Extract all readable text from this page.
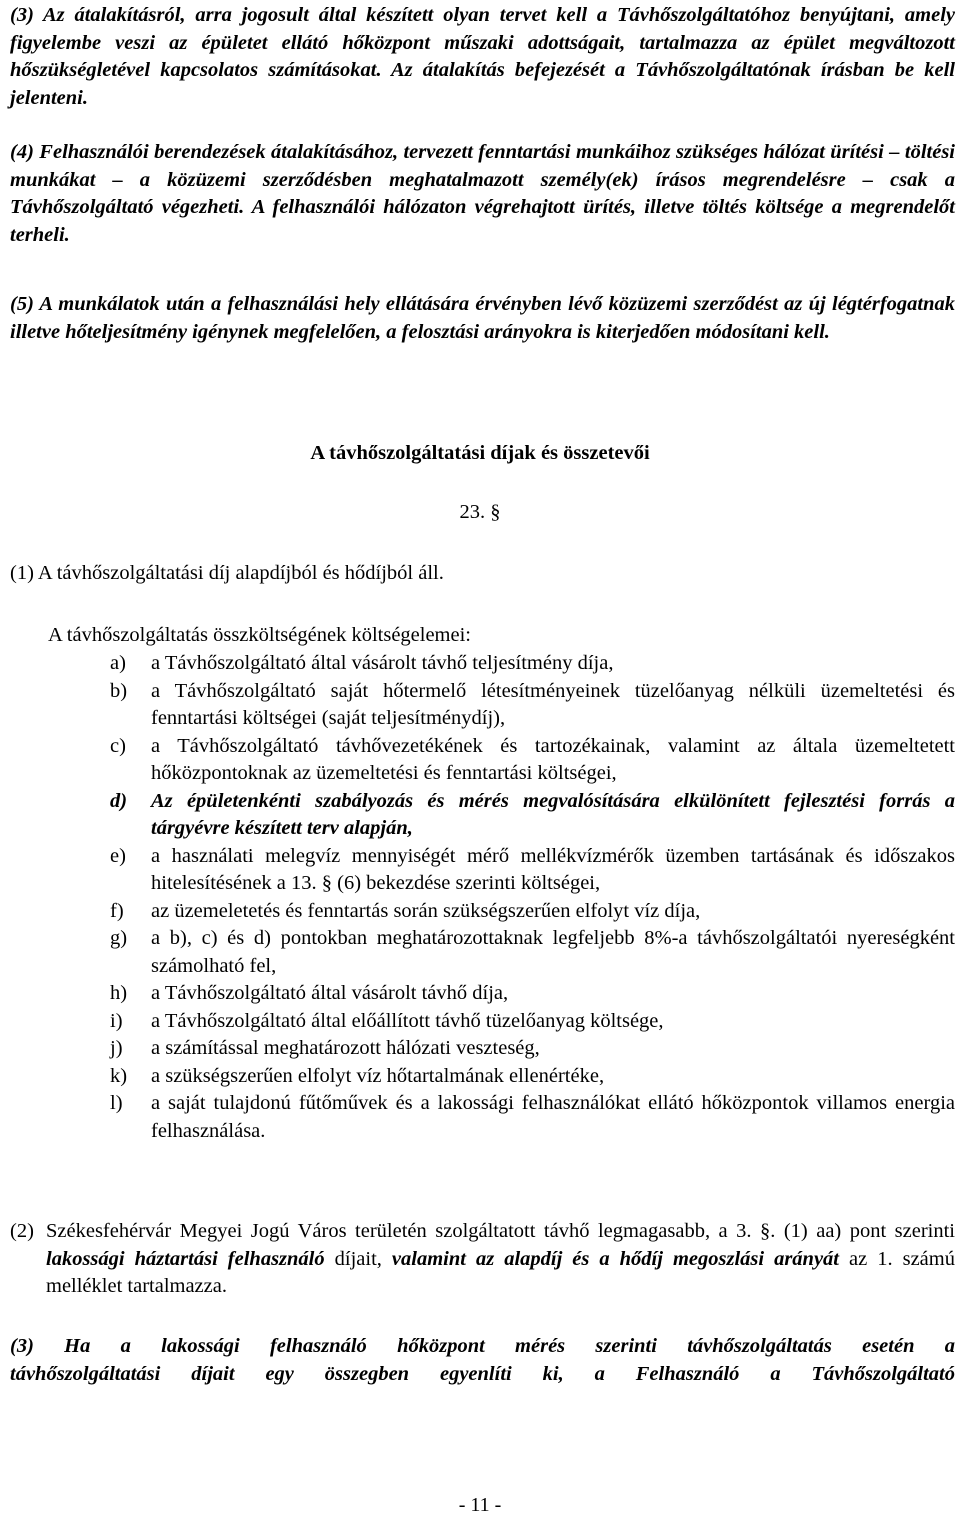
(3) Az átalakításról, arra jogosult által készített olyan tervet kell a Távhőszolgáltatóhoz benyújtani, amely figyelembe veszi az épületet ellátó hőközpont műszaki adottságait, tartalmazza az épület megváltozott hőszükségletével kapcsolatos számításokat. Az átalakítás befejezését a Távhőszolgáltatónak írásban be kell jelenteni.
(4) Felhasználói berendezések átalakításához, tervezett fenntartási munkáihoz szükséges hálózat ürítési – töltési munkákat – a közüzemi szerződésben meghatalmazott személy(ek) írásos megrendelésre – csak a Távhőszolgáltató végezheti. A felhasználói hálózaton végrehajtott ürítés, illetve töltés költsége a megrendelőt terheli.
(5) A munkálatok után a felhasználási hely ellátására érvényben lévő közüzemi szerződést az új légtérfogatnak illetve hőteljesítmény igénynek megfelelően, a felosztási arányokra is kiterjedően módosítani kell.
A távhőszolgáltatási díjak és összetevői
23. §
(1) A távhőszolgáltatási díj alapdíjból és hődíjból áll.
A távhőszolgáltatás összköltségének költségelemei:
a)	a Távhőszolgáltató által vásárolt távhő teljesítmény díja,
b)	a Távhőszolgáltató saját hőtermelő létesítményeinek tüzelőanyag nélküli üzemeltetési és fenntartási költségei (saját teljesítménydíj),
c)	a Távhőszolgáltató távhővezetékének és tartozékainak, valamint az általa üzemeltetett hőközpontoknak az üzemeltetési és fenntartási költségei,
d)	Az épületenkénti szabályozás és mérés megvalósítására elkülönített fejlesztési forrás a tárgyévre készített terv alapján,
e)	a használati melegvíz mennyiségét mérő mellékvízmérők üzemben tartásának és időszakos hitelesítésének a 13. § (6) bekezdése szerinti költségei,
f)	az üzemeletetés és fenntartás során szükségszerűen elfolyt víz díja,
g)	a b), c) és d) pontokban meghatározottaknak legfeljebb 8%-a távhőszolgáltatói nyereségként számolható fel,
h)	a Távhőszolgáltató által vásárolt távhő díja,
i)	a Távhőszolgáltató által előállított távhő tüzelőanyag költsége,
j)	a számítással meghatározott hálózati veszteség,
k)	a szükségszerűen elfolyt víz hőtartalmának ellenértéke,
l)	a saját tulajdonú fűtőművek és a lakossági felhasználókat ellátó hőközpontok villamos energia felhasználása.
(2) Székesfehérvár Megyei Jogú Város területén szolgáltatott távhő legmagasabb, a 3. §. (1) aa) pont szerinti lakossági háztartási felhasználó díjait, valamint az alapdíj és a hődíj megoszlási arányát az 1. számú melléklet tartalmazza.
(3) Ha a lakossági felhasználó hőközpont mérés szerinti távhőszolgáltatás esetén a
távhőszolgáltatási díjait egy összegben egyenlíti ki, a Felhasználó a Távhőszolgáltató
- 11 -
